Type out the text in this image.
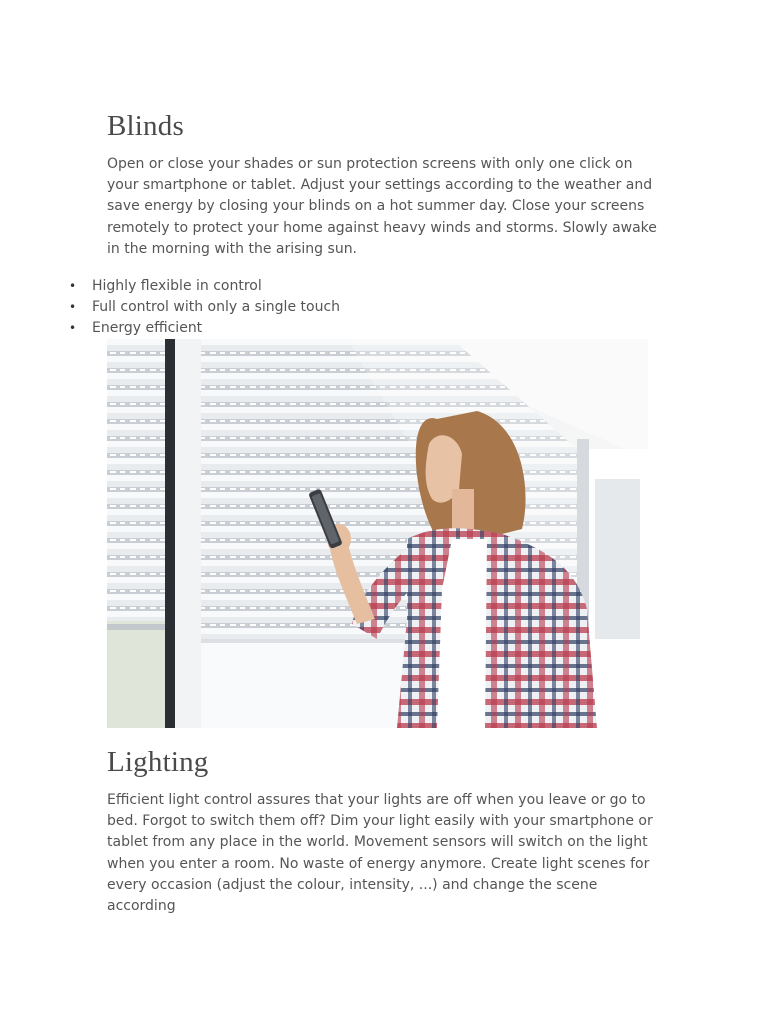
Blinds

Open or close your shades or sun protection screens with only one click on your smartphone or tablet. Adjust your settings according to the weather and save energy by closing your blinds on a hot summer day. Close your screens remotely to protect your home against heavy winds and storms. Slowly awake in the morning with the arising sun.

• Highly flexible in control
• Full control with only a single touch
• Energy efficient
Lighting

Efficient light control assures that your lights are off when you leave or go to bed. Forgot to switch them off? Dim your light easily with your smartphone or tablet from any place in the world. Movement sensors will switch on the light when you enter a room. No waste of energy anymore. Create light scenes for every occasion (adjust the colour, intensity, ...) and change the scene according
